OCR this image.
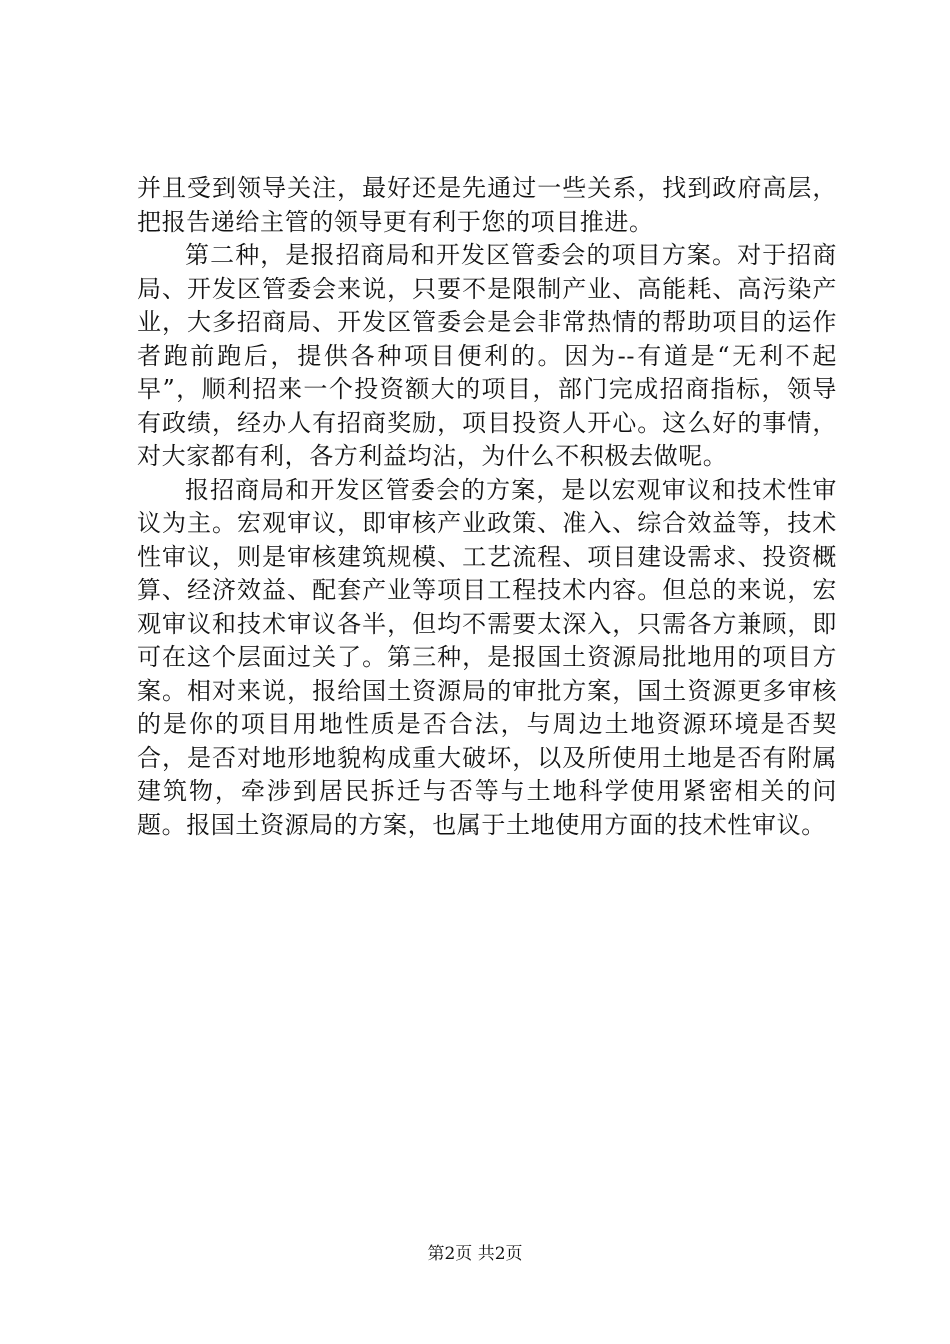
并且受到领导关注，最好还是先通过一些关系，找到政府高层，把报告递给主管的领导更有利于您的项目推进。

第二种，是报招商局和开发区管委会的项目方案。对于招商局、开发区管委会来说，只要不是限制产业、高能耗、高污染产业，大多招商局、开发区管委会是会非常热情的帮助项目的运作者跑前跑后，提供各种项目便利的。因为--有道是“无利不起早”，顺利招来一个投资额大的项目，部门完成招商指标，领导有政绩，经办人有招商奖励，项目投资人开心。这么好的事情，对大家都有利，各方利益均沾，为什么不积极去做呢。

报招商局和开发区管委会的方案，是以宏观审议和技术性审议为主。宏观审议，即审核产业政策、准入、综合效益等，技术性审议，则是审核建筑规模、工艺流程、项目建设需求、投资概算、经济效益、配套产业等项目工程技术内容。但总的来说，宏观审议和技术审议各半，但均不需要太深入，只需各方兼顾，即可在这个层面过关了。第三种，是报国土资源局批地用的项目方案。相对来说，报给国土资源局的审批方案，国土资源更多审核的是你的项目用地性质是否合法，与周边土地资源环境是否契合，是否对地形地貌构成重大破坏，以及所使用土地是否有附属建筑物，牵涉到居民拆迁与否等与土地科学使用紧密相关的问题。报国土资源局的方案，也属于土地使用方面的技术性审议。

第2页 共2页
